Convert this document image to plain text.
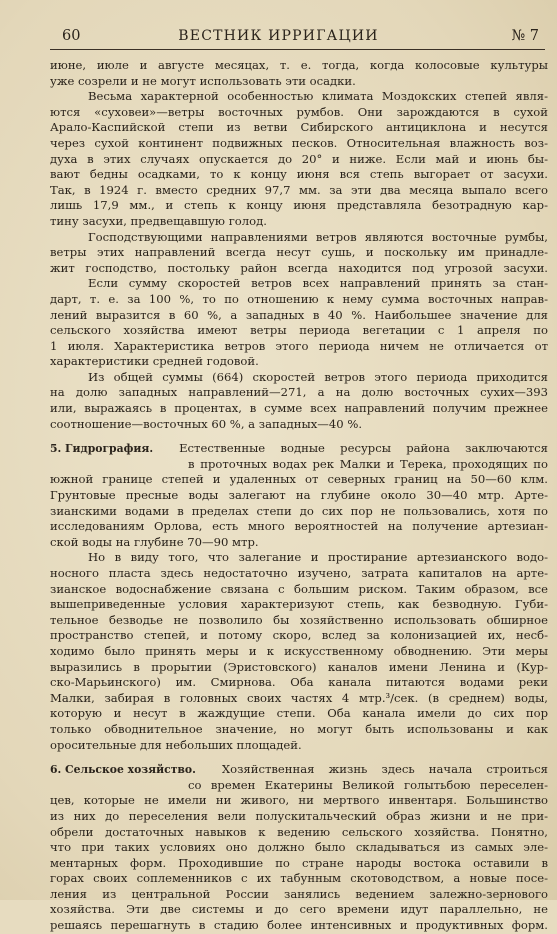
60	ВЕСТНИК ИРРИГАЦИИ	№ 7
июне, июле и августе месяцах, т. е. тогда, когда колосовые культуры
уже созрели и не могут использовать эти осадки.
Весьма характерной особенностью климата Моздокских степей явля-
ются «суховеи»—ветры восточных румбов. Они зарождаются в сухой
Арало-Каспийской степи из ветви Сибирского антициклона и несутся
через сухой континент подвижных песков. Относительная влажность воз-
духа в этих случаях опускается до 20° и ниже. Если май и июнь бы-
вают бедны осадками, то к концу июня вся степь выгорает от засухи.
Так, в 1924 г. вместо средних 97,7 мм. за эти два месяца выпало всего
лишь 17,9 мм., и степь к концу июня представляла безотрадную кар-
тину засухи, предвещавшую голод.
Господствующими направлениями ветров являются восточные румбы,
ветры этих направлений всегда несут сушь, и поскольку им принадле-
жит господство, постольку район всегда находится под угрозой засухи.
Если сумму скоростей ветров всех направлений принять за стан-
дарт, т. е. за 100 %, то по отношению к нему сумма восточных направ-
лений выразится в 60 %, а западных в 40 %. Наибольшее значение для
сельского хозяйства имеют ветры периода вегетации с 1 апреля по
1 июля. Характеристика ветров этого периода ничем не отличается от
характеристики средней годовой.
Из общей суммы (664) скоростей ветров этого периода приходится
на долю западных направлений—271, а на долю восточных сухих—393
или, выражаясь в процентах, в сумме всех направлений получим прежнее
соотношение—восточных 60 %, а западных—40 %.
5. Гидрография. Естественные водные ресурсы района заключаются
в проточных водах рек Малки и Терека, проходящих по
южной границе степей и удаленных от северных границ на 50—60 клм.
Грунтовые пресные воды залегают на глубине около 30—40 мтр. Арте-
зианскими водами в пределах степи до сих пор не пользовались, хотя по
исследованиям Орлова, есть много вероятностей на получение артезиан-
ской воды на глубине 70—90 мтр.
Но в виду того, что залегание и простирание артезианского водо-
носного пласта здесь недостаточно изучено, затрата капиталов на арте-
зианское водоснабжение связана с большим риском. Таким образом, все
вышеприведенные условия характеризуют степь, как безводную. Губи-
тельное безводье не позволило бы хозяйственно использовать обширное
пространство степей, и потому скоро, вслед за колонизацией их, несб-
ходимо было принять меры и к искусственному обводнению. Эти меры
выразились в прорытии (Эристовского) каналов имени Ленина и (Кур-
ско-Марьинского) им. Смирнова. Оба канала питаются водами реки
Малки, забирая в головных своих частях 4 мтр.³/сек. (в среднем) воды,
которую и несут в жаждущие степи. Оба канала имели до сих пор
только обводнительное значение, но могут быть использованы и как
оросительные для небольших площадей.
6. Сельское хозяйство. Хозяйственная жизнь здесь начала строиться
со времен Екатерины Великой голытьбою переселен-
цев, которые не имели ни живого, ни мертвого инвентаря. Большинство
из них до переселения вели полускитальческий образ жизни и не при-
обрели достаточных навыков к ведению сельского хозяйства. Понятно,
что при таких условиях оно должно было складываться из самых эле-
ментарных форм. Проходившие по стране народы востока оставили в
горах своих соплеменников с их табунным скотоводством, а новые посе-
ления из центральной России занялись ведением залежно-зернового
хозяйства. Эти две системы и до сего времени идут параллельно, не
решаясь перешагнуть в стадию более интенсивных и продуктивных форм.
